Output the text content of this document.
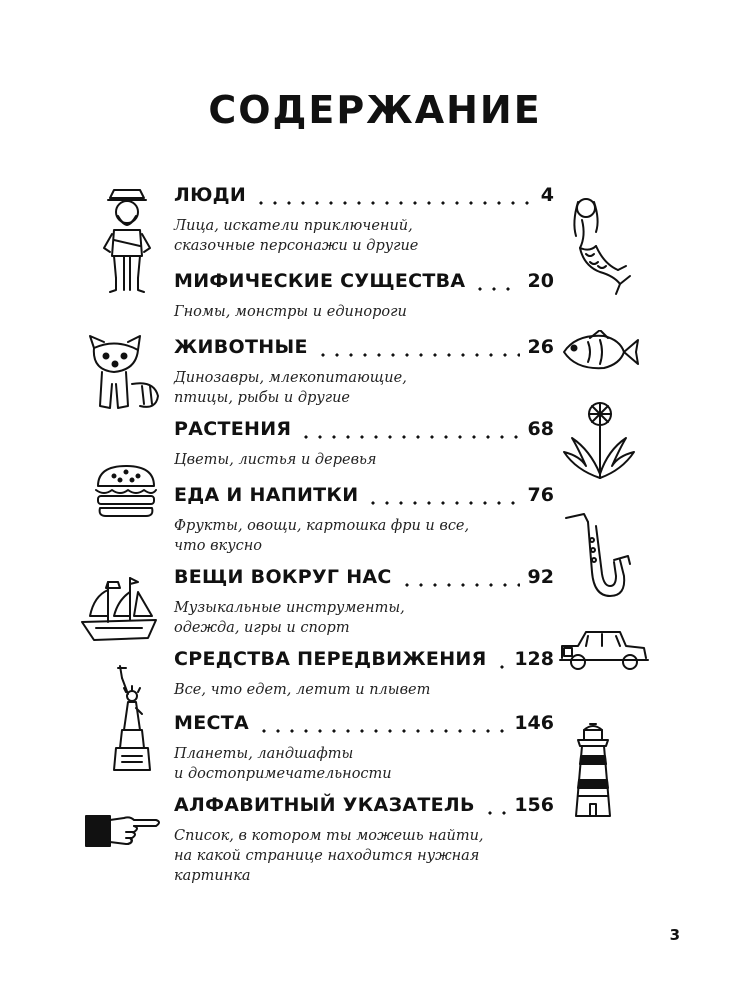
СОДЕРЖАНИЕ
ЛЮДИ	4
Лица, искатели приключений,
сказочные персонажи и другие
МИФИЧЕСКИЕ СУЩЕСТВА	20
Гномы, монстры и единороги
ЖИВОТНЫЕ	26
Динозавры, млекопитающие,
птицы, рыбы и другие
РАСТЕНИЯ	68
Цветы, листья и деревья
ЕДА И НАПИТКИ	76
Фрукты, овощи, картошка фри и все,
что вкусно
ВЕЩИ ВОКРУГ НАС	92
Музыкальные инструменты,
одежда, игры и спорт
СРЕДСТВА ПЕРЕДВИЖЕНИЯ 128
Все, что едет, летит и плывет
МЕСТА	146
Планеты, ландшафты
и достопримечательности
АЛФАВИТНЫЙ УКАЗАТЕЛЬ 156
Список, в котором ты можешь найти,
на какой странице находится нужная картинка
3
